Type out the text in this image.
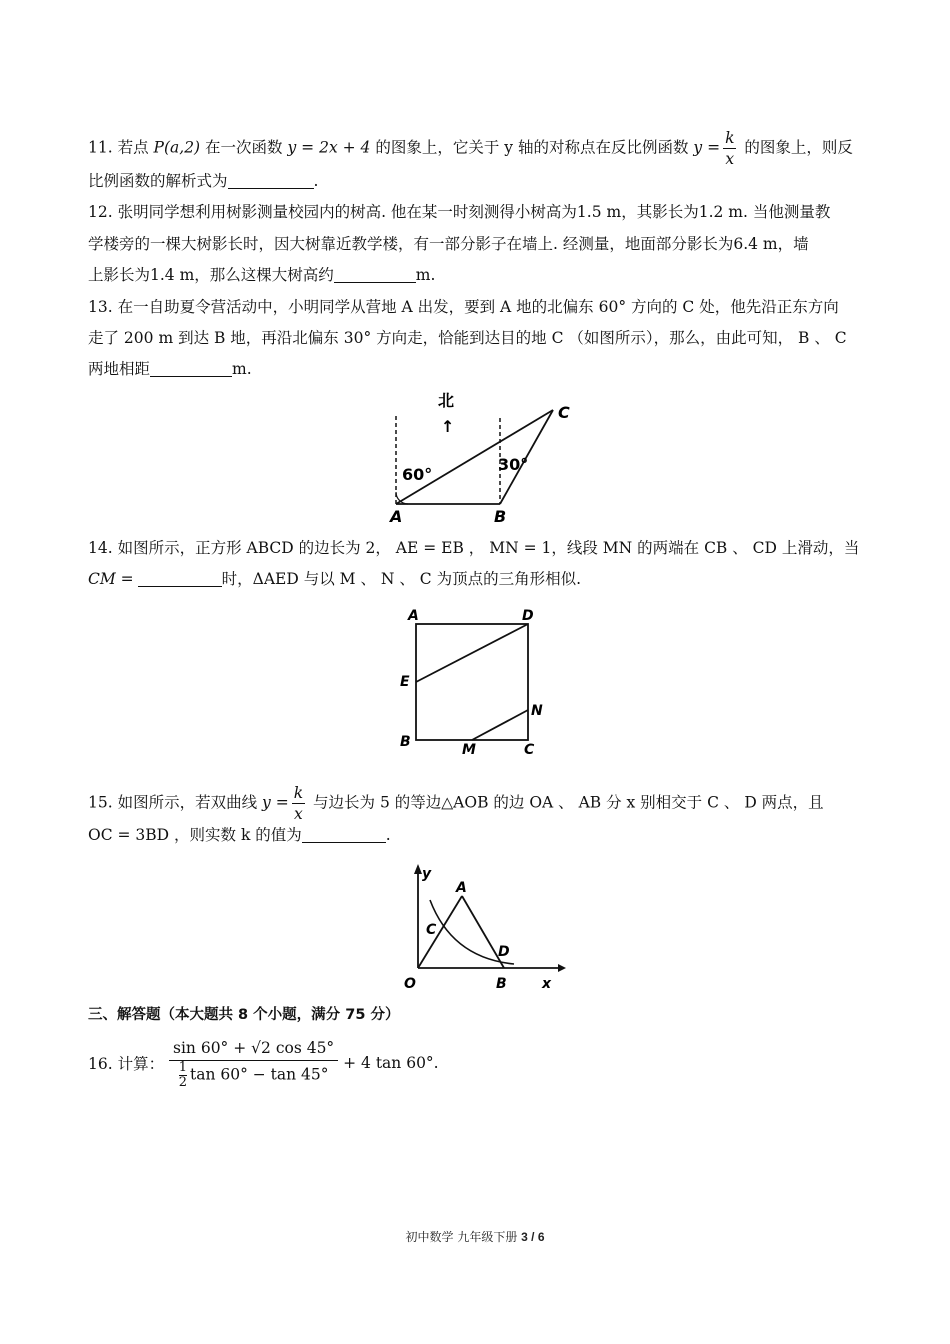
11. 若点 P(a,2) 在一次函数 y = 2x + 4 的图象上，它关于 y 轴的对称点在反比例函数 $y = \frac{k}{x}$ 的图象上，则反
比例函数的解析式为	.
12. 张明同学想利用树影测量校园内的树高. 他在某一时刻测得小树高为1.5 m，其影长为1.2 m. 当他测量教
学楼旁的一棵大树影长时，因大树靠近教学楼，有一部分影子在墙上. 经测量，地面部分影长为6.4 m，墙
上影长为1.4 m，那么这棵大树高约	m.
13. 在一自助夏令营活动中，小明同学从营地 A 出发，要到 A 地的北偏东 60° 方向的 C 处，他先沿正东方向
走了 200 m 到达 B 地，再沿北偏东 30° 方向走，恰能到达目的地 C （如图所示），那么，由此可知， B 、 C
两地相距	m.
北
↑
60°
30°
A	B
C
14. 如图所示，正方形 ABCD 的边长为 2， AE = EB ， MN = 1，线段 MN 的两端在 CB 、 CD 上滑动，当
CM =	时，ΔAED 与以 M 、 N 、 C 为顶点的三角形相似.
A	D
E
B	M	C
N
15. 如图所示，若双曲线 $y = \frac{k}{x}$ 与边长为 5 的等边△AOB 的边 OA 、 AB 分 x 别相交于 C 、 D 两点，且
OC = 3BD ，则实数 k 的值为	.
y
x
O
A
B
C
D
三、解答题（本大题共 8 个小题，满分 75 分）
16. 计算： $\frac{\sin 60^\circ + √2 \cos 45^\circ}{\frac{1}{2} \tan 60^\circ - \tan 45^\circ} + 4$ tan 60°.
初中数学 九年级下册 3 / 6
